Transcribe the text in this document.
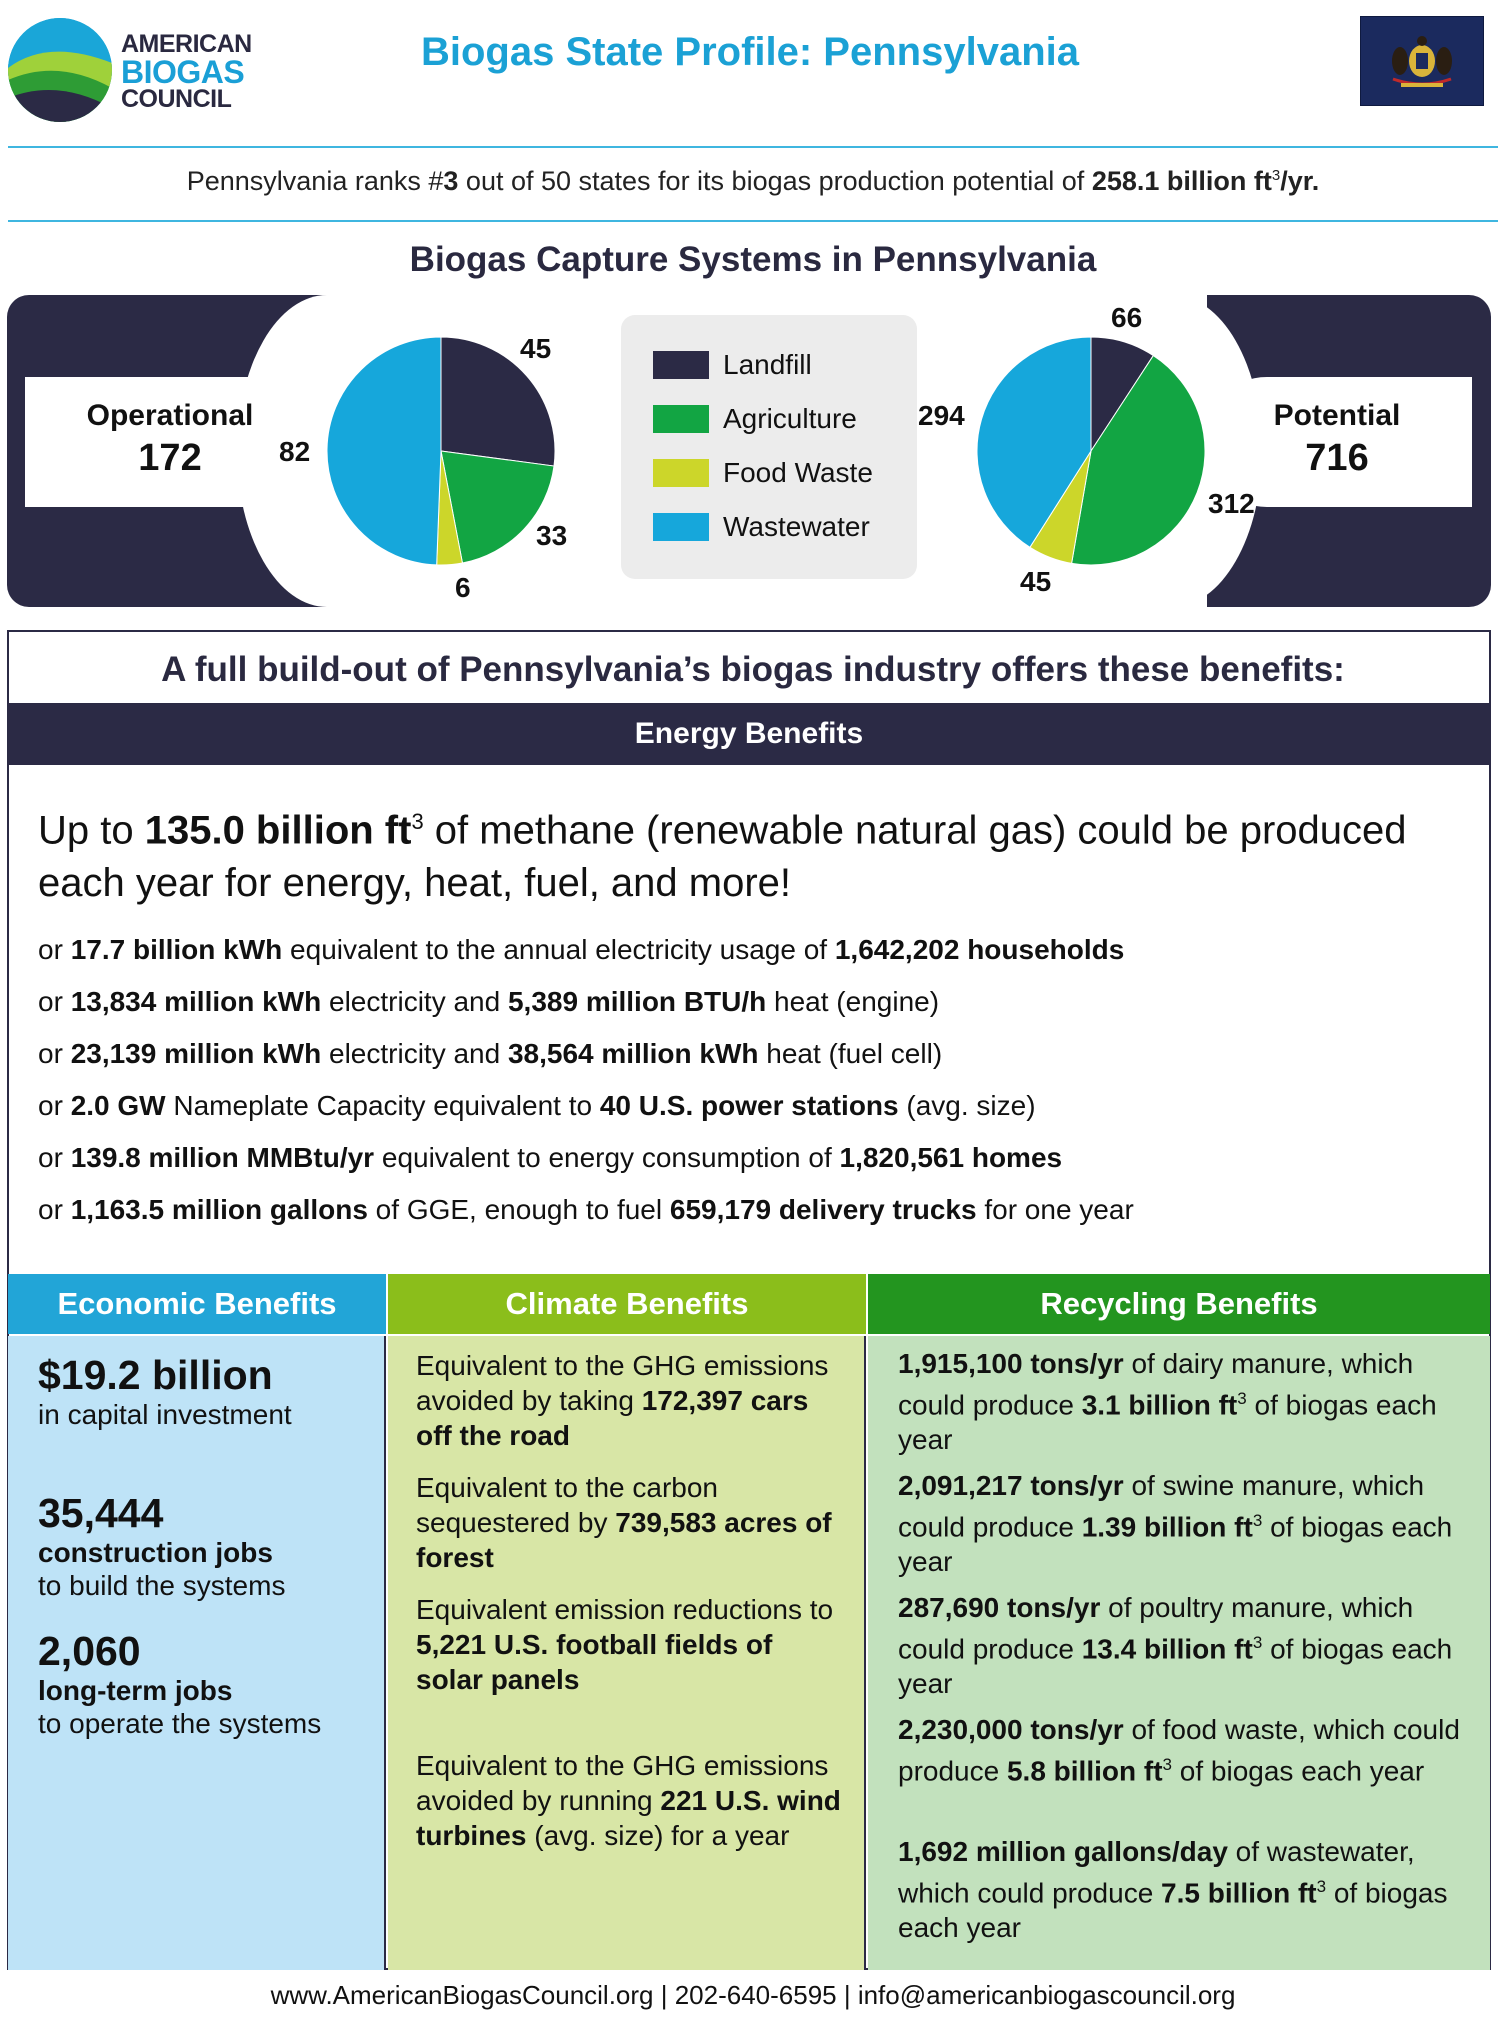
AMERICAN
BIOGAS
COUNCIL
Biogas State Profile: Pennsylvania
Pennsylvania ranks #3 out of 50 states for its biogas production potential of 258.1 billion $ft^3/yr$.
Biogas Capture Systems in Pennsylvania
Operational
172
Potential
716
Landfill
Agriculture
Food Waste
Wastewater
45
33
6
82
66
312
45
294
A full build-out of Pennsylvania’s biogas industry offers these benefits:
Energy Benefits
Up to 135.0 billion $ft^3$ of methane (renewable natural gas) could be produced each year for energy, heat, fuel, and more!
or 17.7 billion kWh equivalent to the annual electricity usage of 1,642,202 households
or 13,834 million kWh electricity and 5,389 million BTU/h heat (engine)
or 23,139 million kWh electricity and 38,564 million kWh heat (fuel cell)
or 2.0 GW Nameplate Capacity equivalent to 40 U.S. power stations (avg. size)
or 139.8 million MMBtu/yr equivalent to energy consumption of 1,820,561 homes
or 1,163.5 million gallons of GGE, enough to fuel 659,179 delivery trucks for one year
Economic Benefits	Climate Benefits	Recycling Benefits
$19.2 billion
in capital investment
35,444
construction jobs
to build the systems
2,060
long-term jobs
to operate the systems
Equivalent to the GHG emissions avoided by taking 172,397 cars off the road
Equivalent to the carbon sequestered by 739,583 acres of forest
Equivalent emission reductions to 5,221 U.S. football fields of solar panels
Equivalent to the GHG emissions avoided by running 221 U.S. wind turbines (avg. size) for a year
1,915,100 tons/yr of dairy manure, which could produce 3.1 billion $ft^3$ of biogas each year
2,091,217 tons/yr of swine manure, which could produce 1.39 billion $ft^3$ of biogas each year
287,690 tons/yr of poultry manure, which could produce 13.4 billion $ft^3$ of biogas each year
2,230,000 tons/yr of food waste, which could produce 5.8 billion $ft^3$ of biogas each year
1,692 million gallons/day of wastewater, which could produce 7.5 billion $ft^3$ of biogas each year
www.AmericanBiogasCouncil.org | 202-640-6595 | info@americanbiogascouncil.org
